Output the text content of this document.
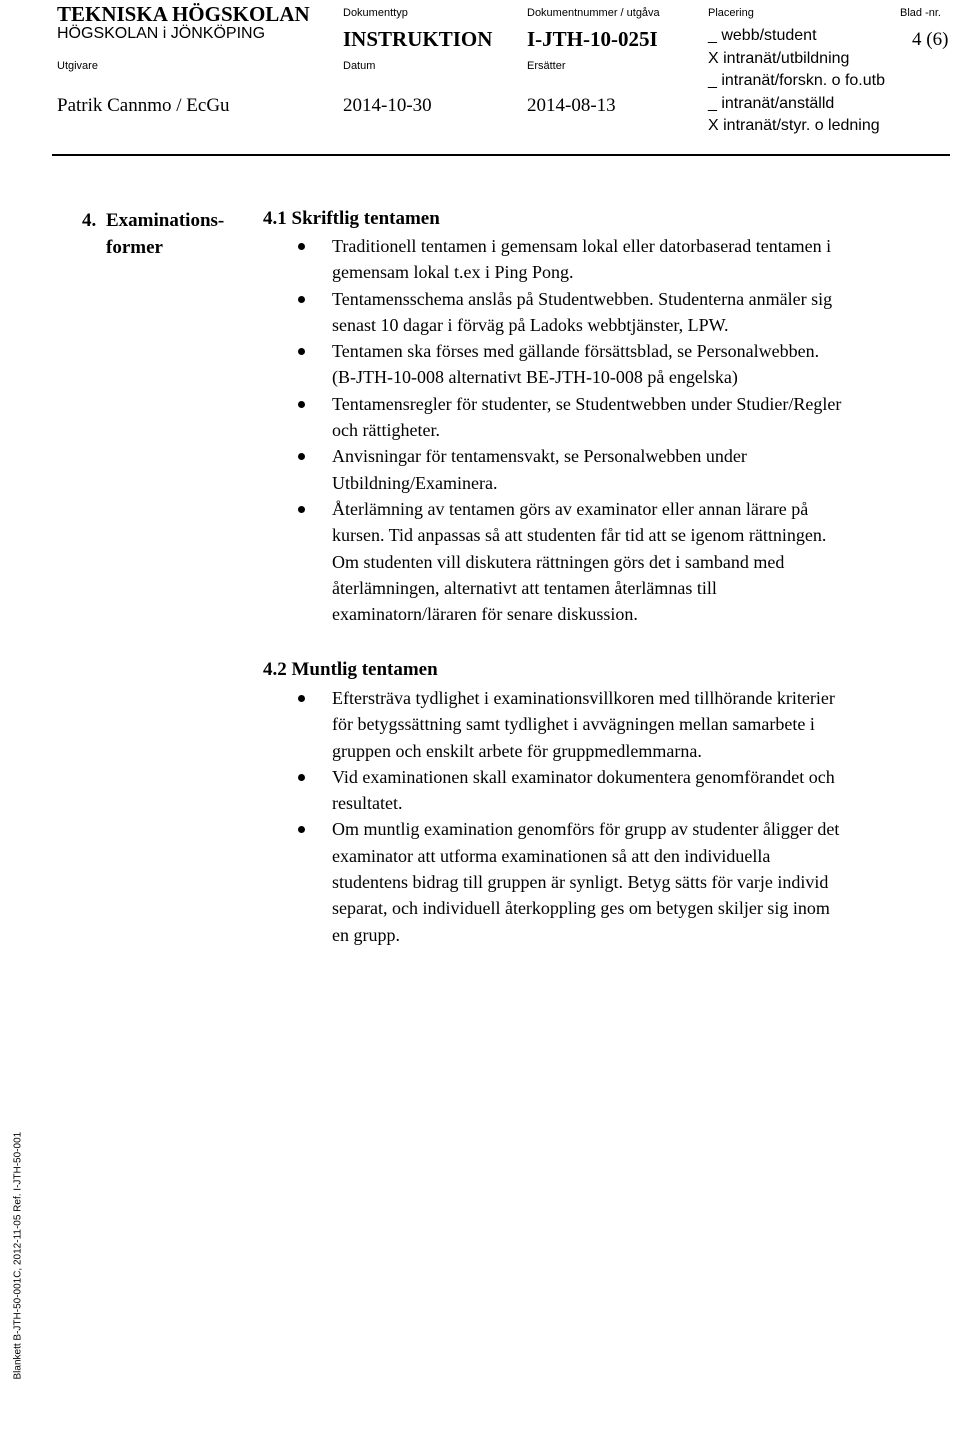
TEKNISKA HÖGSKOLAN
HÖGSKOLAN i JÖNKÖPING
Dokumenttyp
INSTRUKTION
Dokumentnummer / utgåva
I-JTH-10-025I
Placering
_ webb/student
X intranät/utbildning
_ intranät/forskn. o fo.utb
_ intranät/anställd
X intranät/styr. o ledning
Blad -nr.
4 (6)
Utgivare
Patrik Cannmo / EcGu
Datum
2014-10-30
Ersätter
2014-08-13
4. Examinations-
former
4.1 Skriftlig tentamen
Traditionell tentamen i gemensam lokal eller datorbaserad tentamen i
gemensam lokal t.ex i Ping Pong.
Tentamensschema anslås på Studentwebben. Studenterna anmäler sig
senast 10 dagar i förväg på Ladoks webbtjänster, LPW.
Tentamen ska förses med gällande försättsblad, se Personalwebben.
(B-JTH-10-008 alternativt BE-JTH-10-008 på engelska)
Tentamensregler för studenter, se Studentwebben under Studier/Regler
och rättigheter.
Anvisningar för tentamensvakt, se Personalwebben under
Utbildning/Examinera.
Återlämning av tentamen görs av examinator eller annan lärare på
kursen. Tid anpassas så att studenten får tid att se igenom rättningen.
Om studenten vill diskutera rättningen görs det i samband med
återlämningen, alternativt att tentamen återlämnas till
examinatorn/läraren för senare diskussion.
4.2 Muntlig tentamen
Eftersträva tydlighet i examinationsvillkoren med tillhörande kriterier
för betygssättning samt tydlighet i avvägningen mellan samarbete i
gruppen och enskilt arbete för gruppmedlemmarna.
Vid examinationen skall examinator dokumentera genomförandet och
resultatet.
Om muntlig examination genomförs för grupp av studenter åligger det
examinator att utforma examinationen så att den individuella
studentens bidrag till gruppen är synligt. Betyg sätts för varje individ
separat, och individuell återkoppling ges om betygen skiljer sig inom
en grupp.
Blankett B-JTH-50-001C, 2012-11-05 Ref. I-JTH-50-001
